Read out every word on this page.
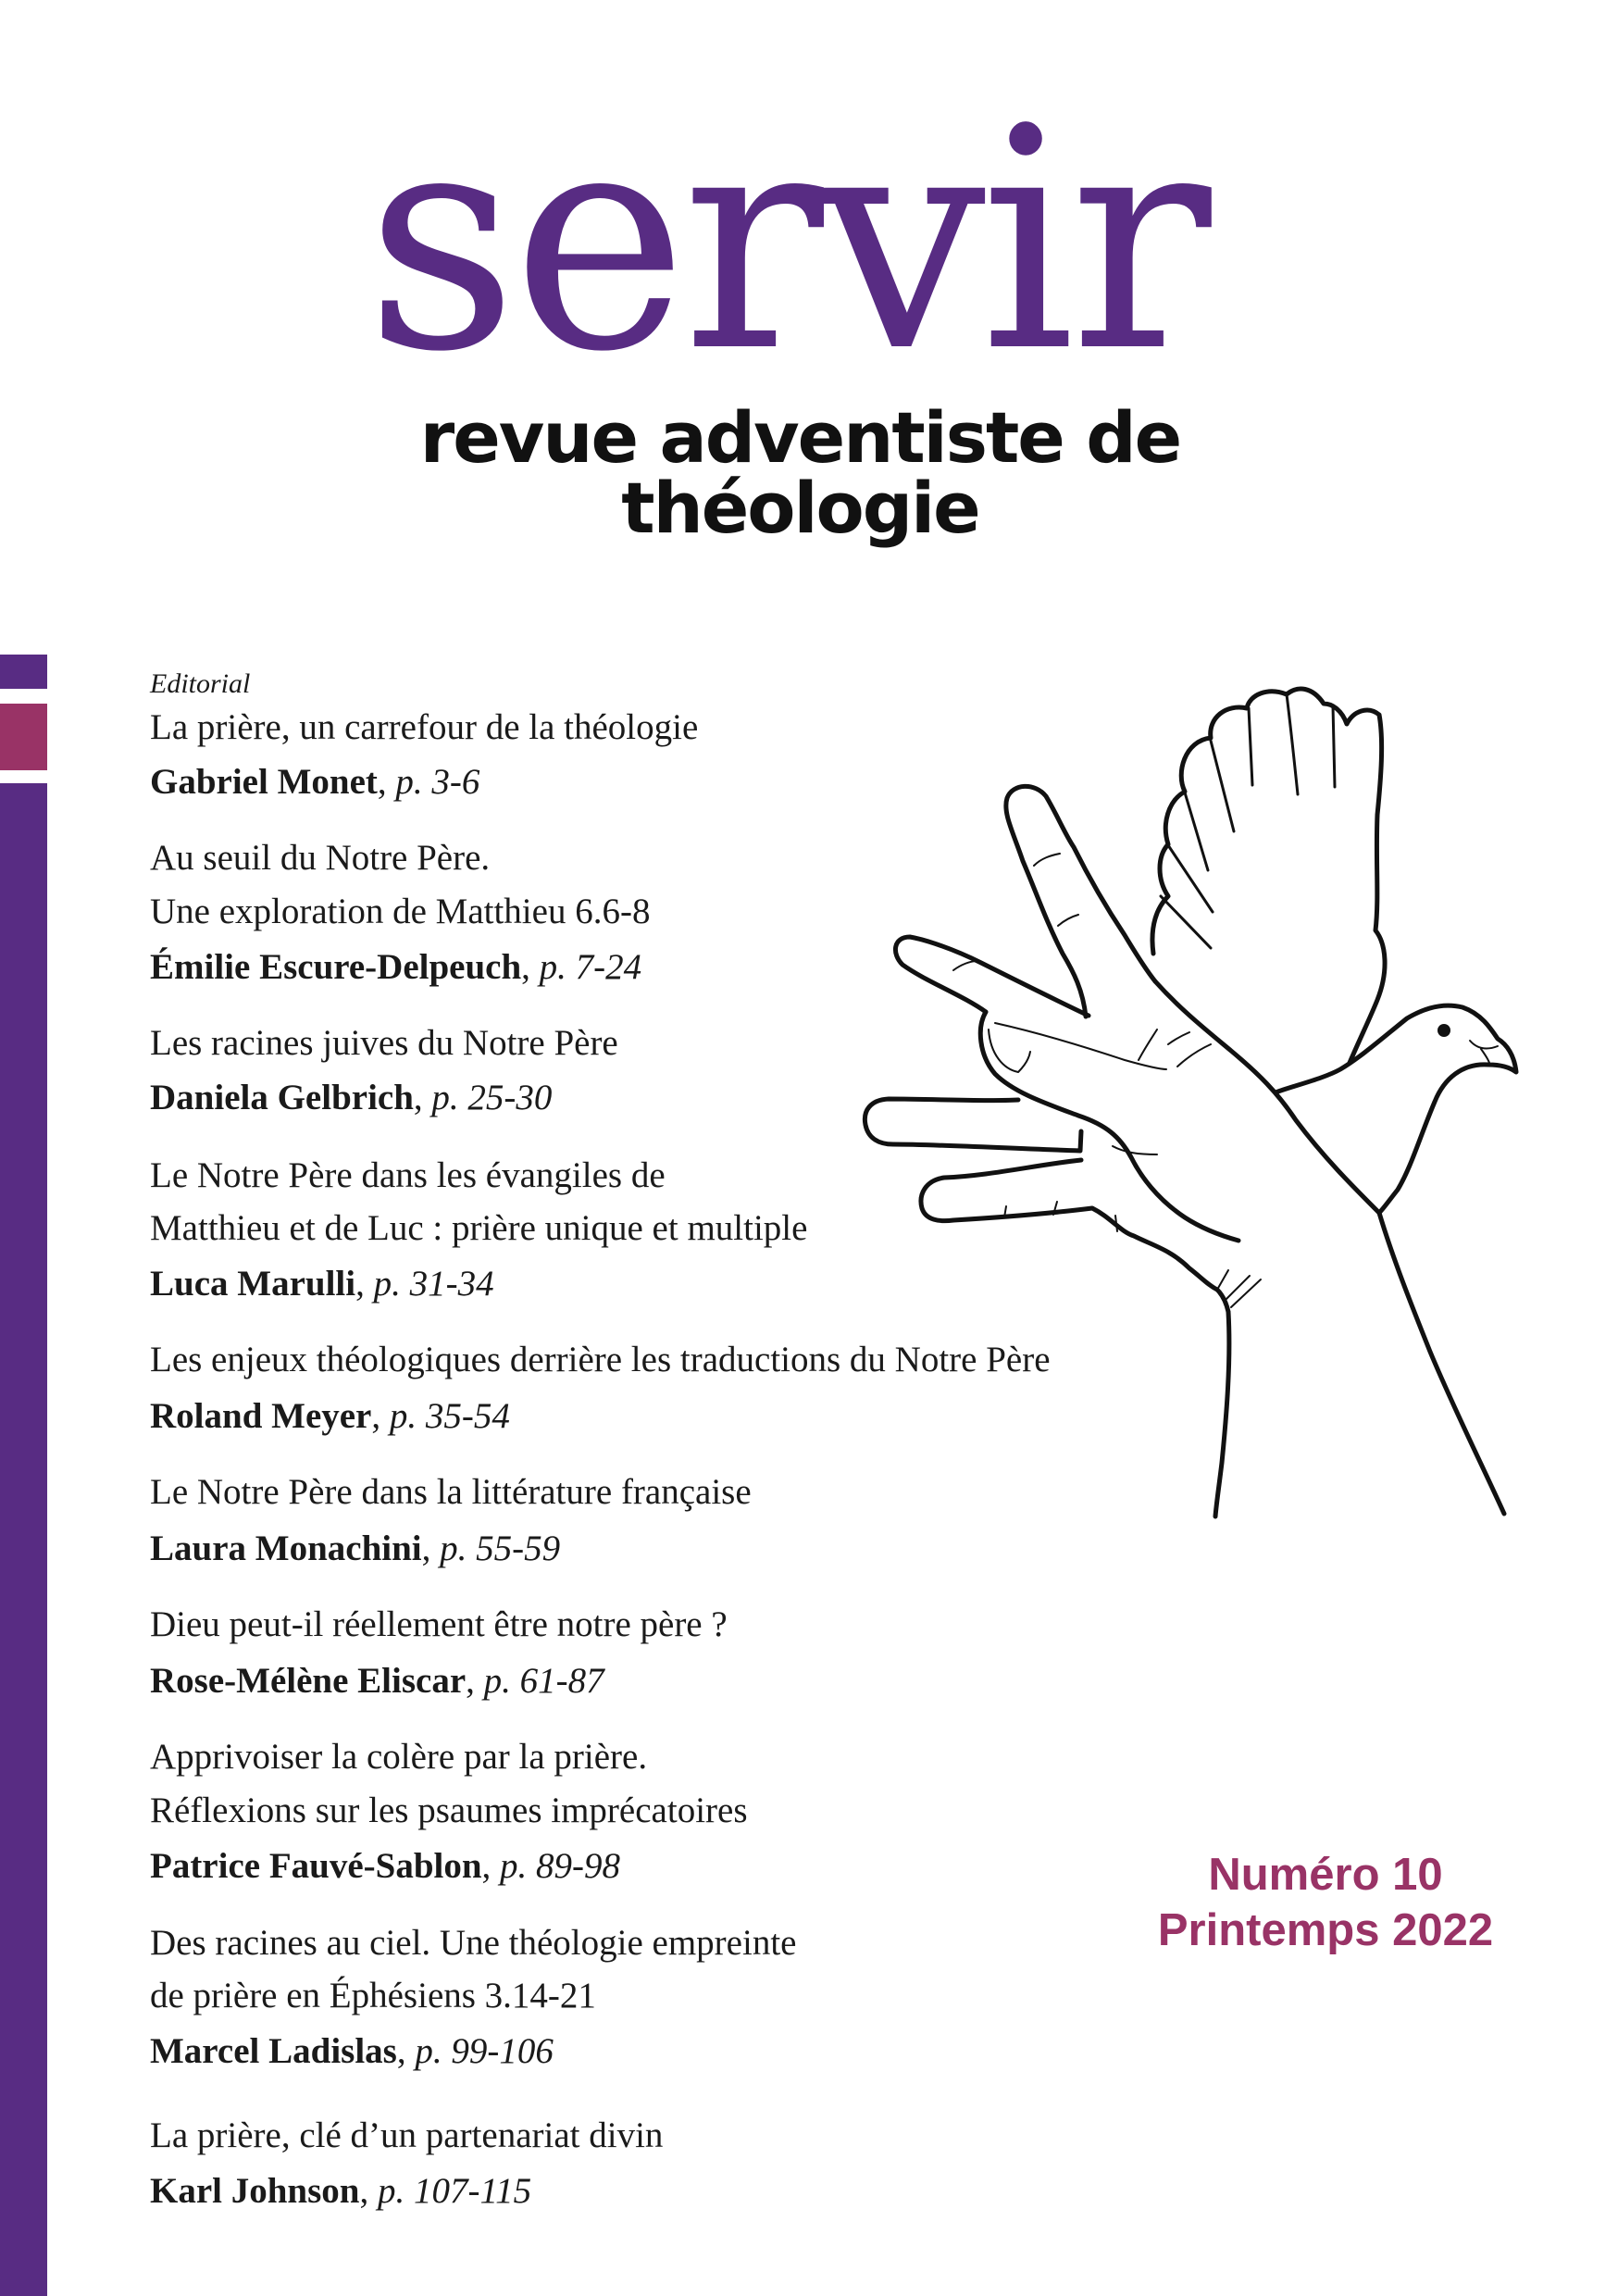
servir
revue adventiste de théologie
Editorial
La prière, un carrefour de la théologie
Gabriel Monet, p. 3-6
Au seuil du Notre Père.
Une exploration de Matthieu 6.6-8
Émilie Escure-Delpeuch, p. 7-24
Les racines juives du Notre Père
Daniela Gelbrich, p. 25-30
Le Notre Père dans les évangiles de
Matthieu et de Luc : prière unique et multiple
Luca Marulli, p. 31-34
Les enjeux théologiques derrière les traductions du Notre Père
Roland Meyer, p. 35-54
Le Notre Père dans la littérature française
Laura Monachini, p. 55-59
Dieu peut-il réellement être notre père ?
Rose-Mélène Eliscar, p. 61-87
Apprivoiser la colère par la prière.
Réflexions sur les psaumes imprécatoires
Patrice Fauvé-Sablon, p. 89-98
Des racines au ciel. Une théologie empreinte
de prière en Éphésiens 3.14-21
Marcel Ladislas, p. 99-106
La prière, clé d’un partenariat divin
Karl Johnson, p. 107-115
Numéro 10
Printemps 2022
